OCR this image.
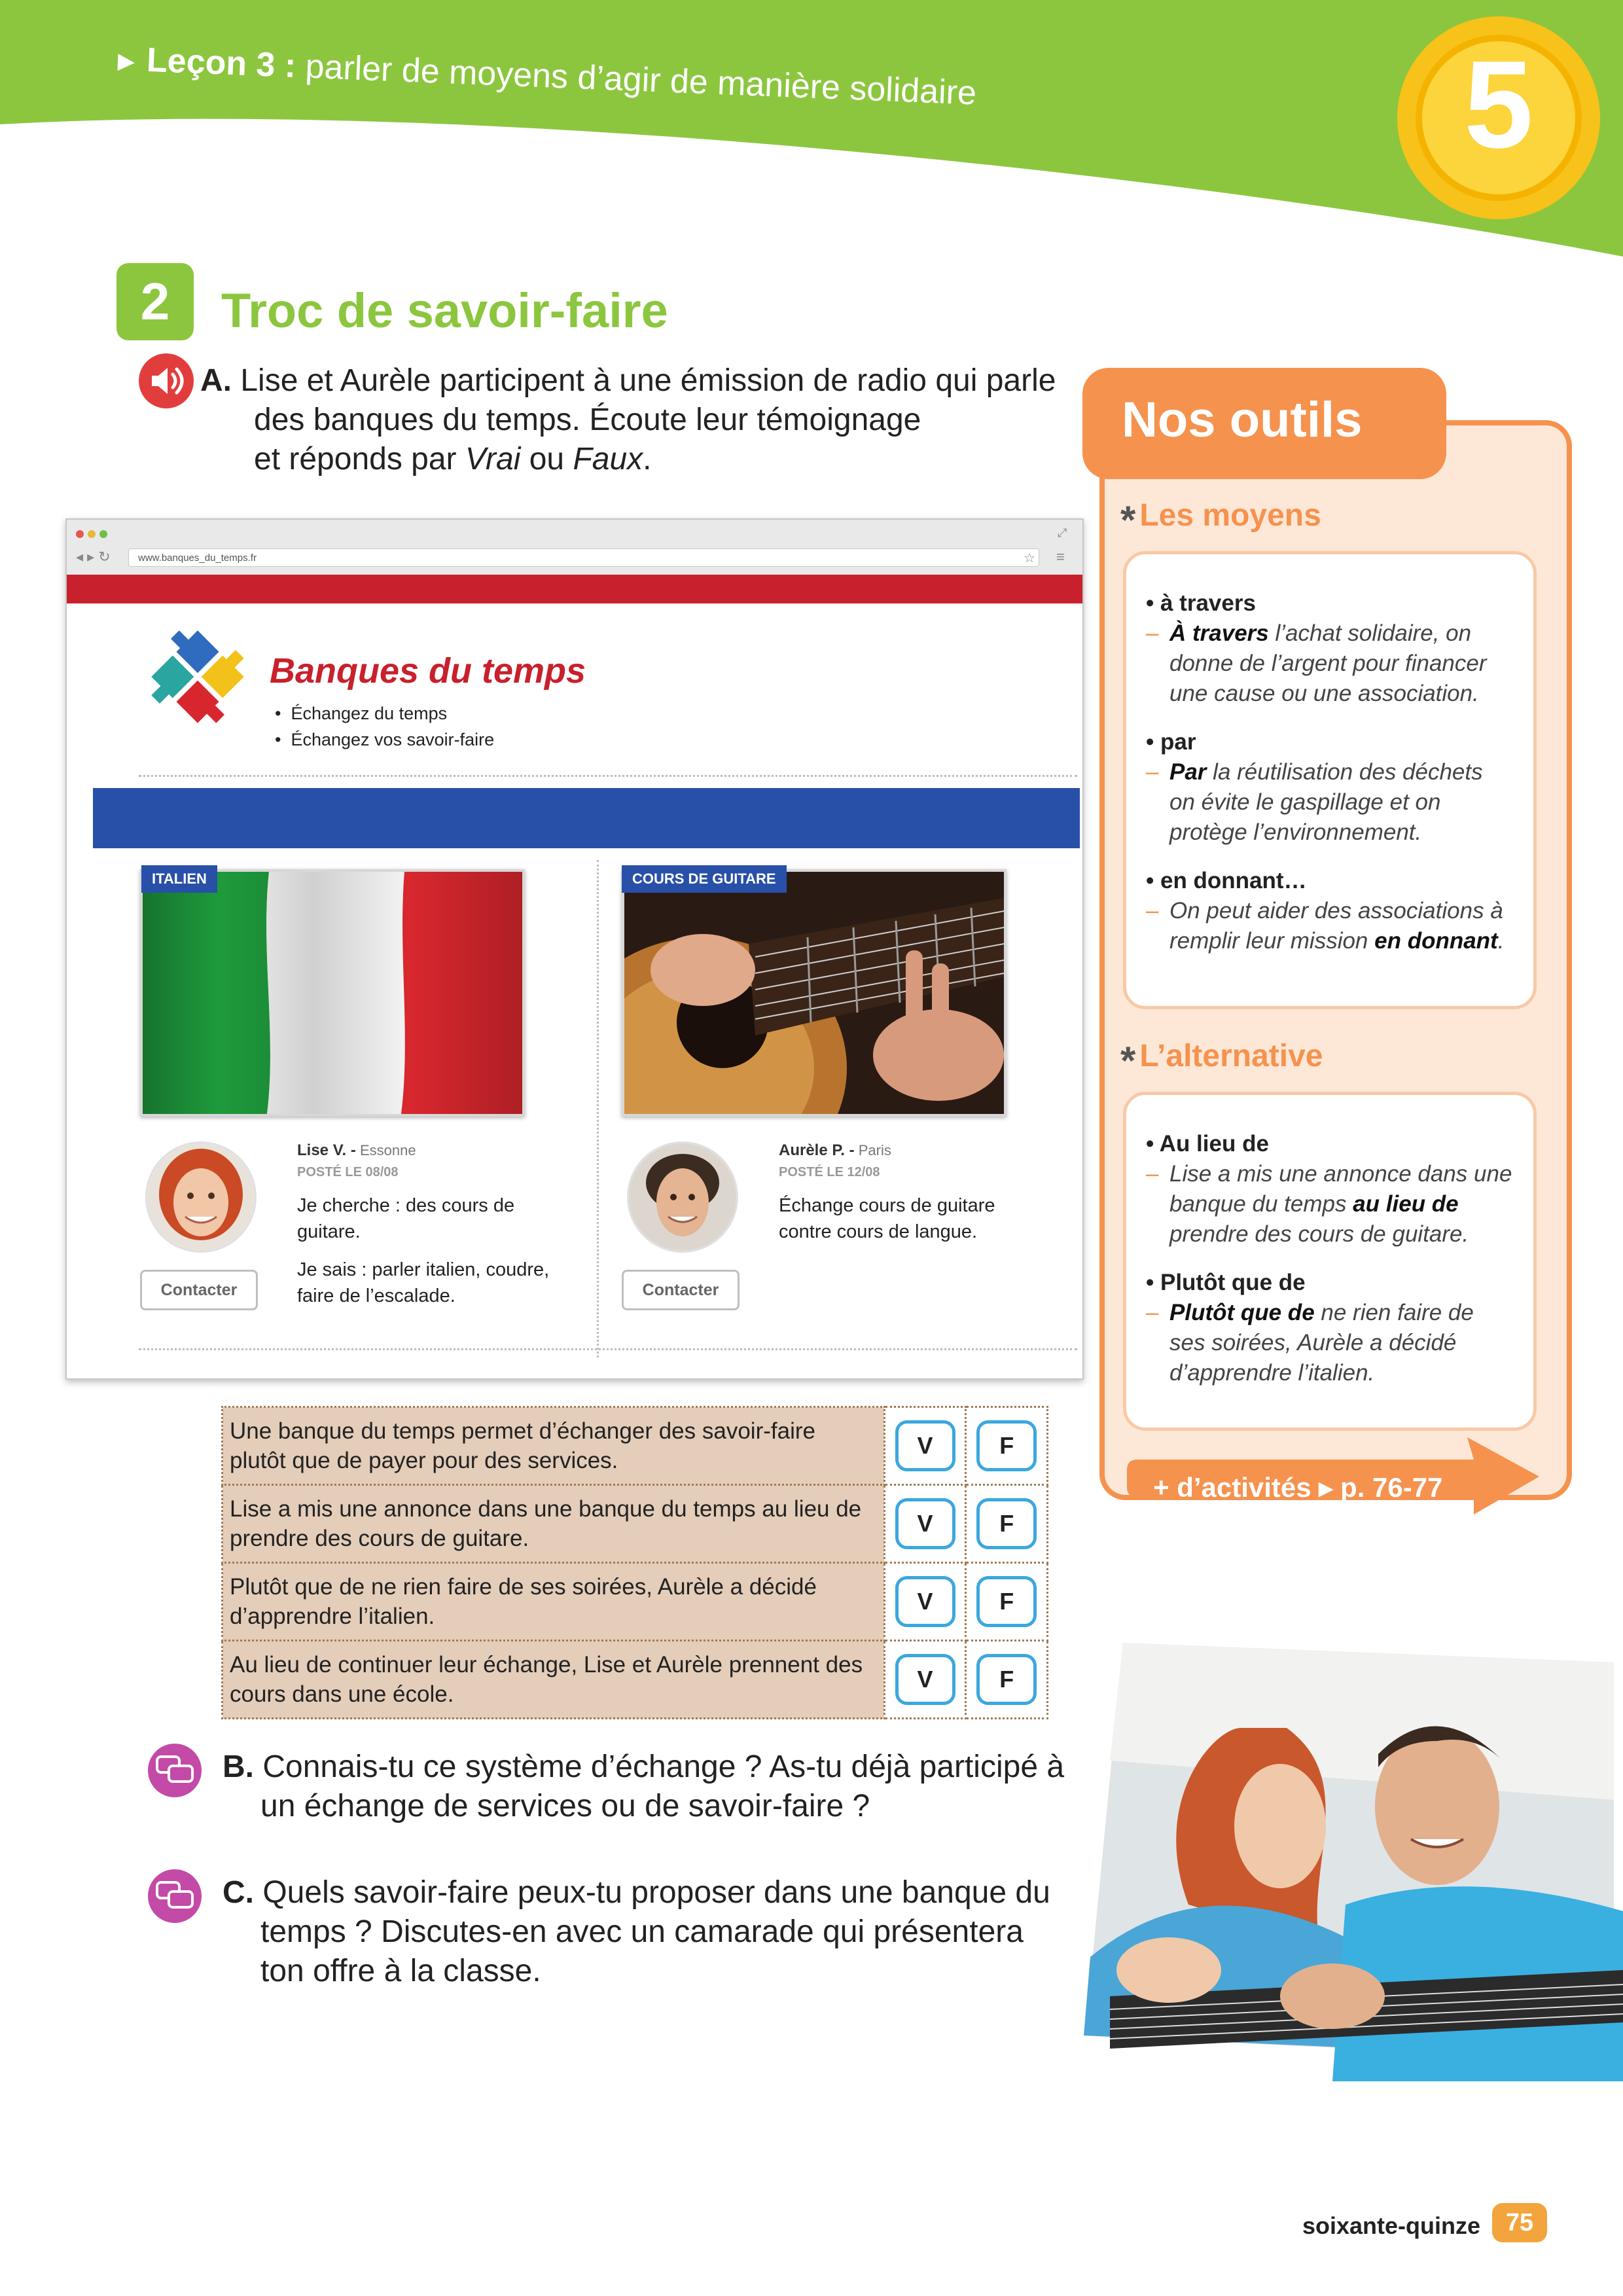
▶ Leçon 3 : parler de moyens d’agir de manière solidaire	5
2	Troc de savoir-faire
A. Lise et Aurèle participent à une émission de radio qui parle
des banques du temps. Écoute leur témoignage
et réponds par Vrai ou Faux.
⤢
◂ ▸ ↻	www.banques_du_temps.fr	☆ ≡
Banques du temps
•  Échangez du temps
•  Échangez vos savoir-faire
ITALIEN
Contacter
Lise V. - Essonne
POSTÉ LE 08/08
Je cherche : des cours de guitare.
Je sais : parler italien, coudre, faire de l’escalade.
COURS DE GUITARE
Contacter
Aurèle P. - Paris
POSTÉ LE 12/08
Échange cours de guitare contre cours de langue.
Une banque du temps permet d’échanger des savoir-faire plutôt que de payer pour des services.	V	F
Lise a mis une annonce dans une banque du temps au lieu de prendre des cours de guitare.	V	F
Plutôt que de ne rien faire de ses soirées, Aurèle a décidé d’apprendre l’italien.	V	F
Au lieu de continuer leur échange, Lise et Aurèle prennent des cours dans une école.	V	F
B. Connais-tu ce système d’échange ? As-tu déjà participé à
un échange de services ou de savoir-faire ?
C. Quels savoir-faire peux-tu proposer dans une banque du
temps ? Discutes-en avec un camarade qui présentera
ton offre à la classe.
Nos outils
* Les moyens
• à travers
– À travers l’achat solidaire, on donne de l’argent pour financer une cause ou une association.
• par
– Par la réutilisation des déchets on évite le gaspillage et on protège l’environnement.
• en donnant…
– On peut aider des associations à remplir leur mission en donnant.
* L’alternative
• Au lieu de
– Lise a mis une annonce dans une banque du temps au lieu de prendre des cours de guitare.
• Plutôt que de
– Plutôt que de ne rien faire de ses soirées, Aurèle a décidé d’apprendre l’italien.
+ d’activités ▸ p. 76-77
soixante-quinze	75
